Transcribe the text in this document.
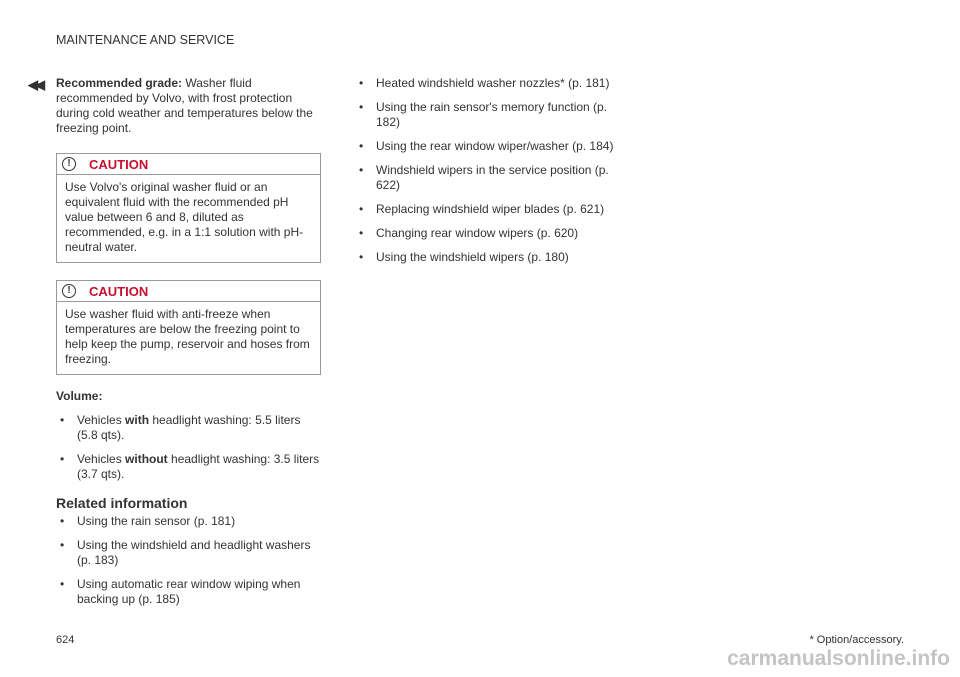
MAINTENANCE AND SERVICE
◀◀ Recommended grade: Washer fluid recommended by Volvo, with frost protection during cold weather and temperatures below the freezing point.

!	CAUTION
Use Volvo's original washer fluid or an equivalent fluid with the recommended pH value between 6 and 8, diluted as recommended, e.g. in a 1:1 solution with pH-neutral water.
!	CAUTION
Use washer fluid with anti-freeze when temperatures are below the freezing point to help keep the pump, reservoir and hoses from freezing.

Volume:

• Vehicles with headlight washing: 5.5 liters (5.8 qts).
• Vehicles without headlight washing: 3.5 liters (3.7 qts).

Related information

• Using the rain sensor (p. 181)
• Using the windshield and headlight washers (p. 183)
• Using automatic rear window wiping when backing up (p. 185)
• Heated windshield washer nozzles* (p. 181)
• Using the rain sensor's memory function (p. 182)
• Using the rear window wiper/washer (p. 184)
• Windshield wipers in the service position (p. 622)
• Replacing windshield wiper blades (p. 621)
• Changing rear window wipers (p. 620)
• Using the windshield wipers (p. 180)
624	* Option/accessory.
carmanualsonline.info
